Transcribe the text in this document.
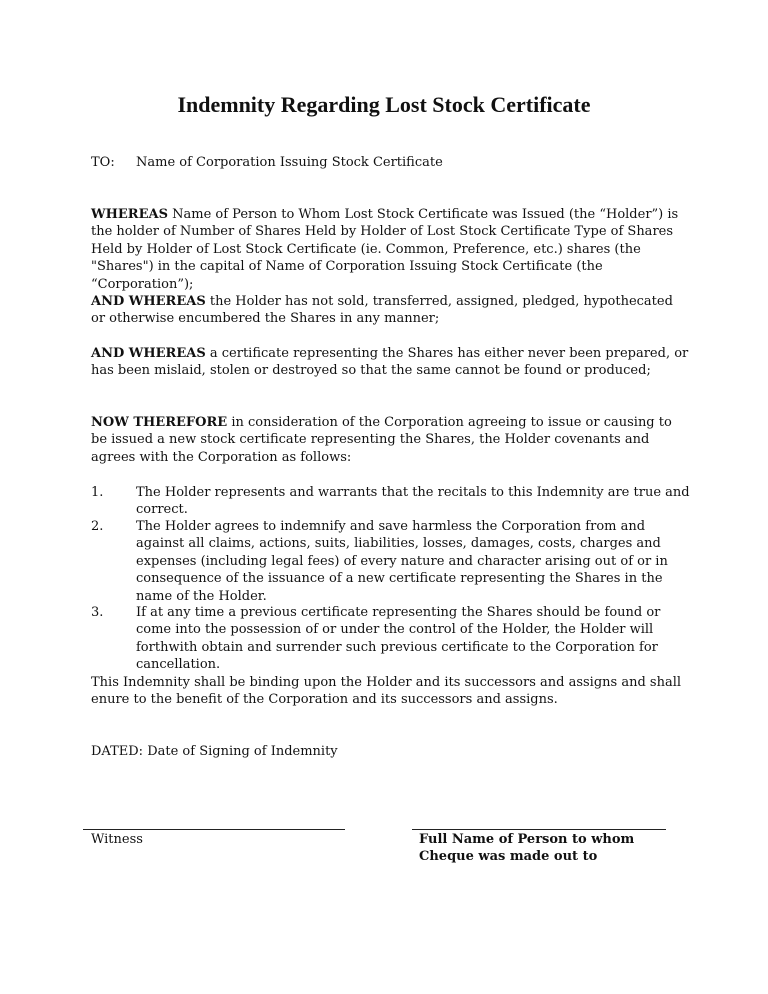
Indemnity Regarding Lost Stock Certificate
TO: Name of Corporation Issuing Stock Certificate

WHEREAS Name of Person to Whom Lost Stock Certificate was Issued (the “Holder”) is the holder of Number of Shares Held by Holder of Lost Stock Certificate Type of Shares Held by Holder of Lost Stock Certificate (ie. Common, Preference, etc.) shares (the "Shares") in the capital of Name of Corporation Issuing Stock Certificate (the “Corporation”);

AND WHEREAS the Holder has not sold, transferred, assigned, pledged, hypothecated or otherwise encumbered the Shares in any manner;

AND WHEREAS a certificate representing the Shares has either never been prepared, or has been mislaid, stolen or destroyed so that the same cannot be found or produced;

NOW THEREFORE in consideration of the Corporation agreeing to issue or causing to be issued a new stock certificate representing the Shares, the Holder covenants and agrees with the Corporation as follows:

1.	The Holder represents and warrants that the recitals to this Indemnity are true and correct.

2.	The Holder agrees to indemnify and save harmless the Corporation from and against all claims, actions, suits, liabilities, losses, damages, costs, charges and expenses (including legal fees) of every nature and character arising out of or in consequence of the issuance of a new certificate representing the Shares in the name of the Holder.

3.	If at any time a previous certificate representing the Shares should be found or come into the possession of or under the control of the Holder, the Holder will forthwith obtain and surrender such previous certificate to the Corporation for cancellation.

This Indemnity shall be binding upon the Holder and its successors and assigns and shall enure to the benefit of the Corporation and its successors and assigns.

DATED: Date of Signing of Indemnity
Witness	Full Name of Person to whom
Cheque was made out to
